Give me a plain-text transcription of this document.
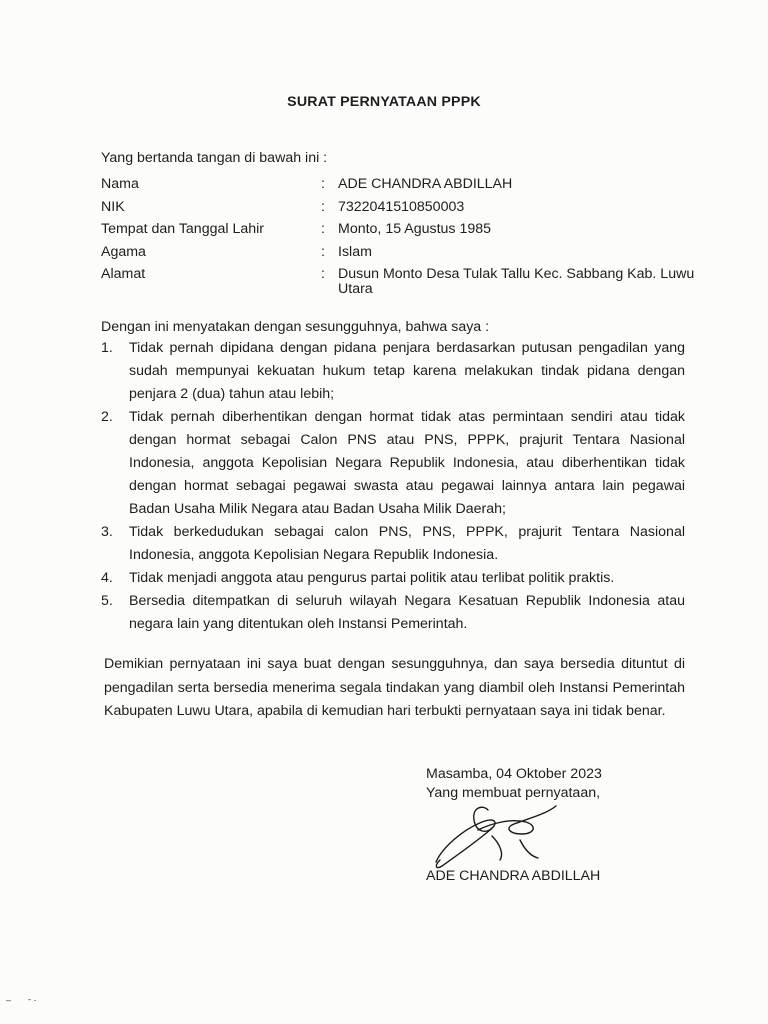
SURAT PERNYATAAN PPPK
Yang bertanda tangan di bawah ini :
Nama	: ADE CHANDRA ABDILLAH
NIK	: 7322041510850003
Tempat dan Tanggal Lahir	: Monto, 15 Agustus 1985
Agama	: Islam
Alamat	: Dusun Monto Desa Tulak Tallu Kec. Sabbang Kab. Luwu Utara
Dengan ini menyatakan dengan sesungguhnya, bahwa saya :
1.	Tidak pernah dipidana dengan pidana penjara berdasarkan putusan pengadilan yang sudah mempunyai kekuatan hukum tetap karena melakukan tindak pidana dengan penjara 2 (dua) tahun atau lebih;
2.	Tidak pernah diberhentikan dengan hormat tidak atas permintaan sendiri atau tidak dengan hormat sebagai Calon PNS atau PNS, PPPK, prajurit Tentara Nasional Indonesia, anggota Kepolisian Negara Republik Indonesia, atau diberhentikan tidak dengan hormat sebagai pegawai swasta atau pegawai lainnya antara lain pegawai Badan Usaha Milik Negara atau Badan Usaha Milik Daerah;
3.	Tidak berkedudukan sebagai calon PNS, PNS, PPPK, prajurit Tentara Nasional Indonesia, anggota Kepolisian Negara Republik Indonesia.
4.	Tidak menjadi anggota atau pengurus partai politik atau terlibat politik praktis.
5.	Bersedia ditempatkan di seluruh wilayah Negara Kesatuan Republik Indonesia atau negara lain yang ditentukan oleh Instansi Pemerintah.
Demikian pernyataan ini saya buat dengan sesungguhnya, dan saya bersedia dituntut di pengadilan serta bersedia menerima segala tindakan yang diambil oleh Instansi Pemerintah Kabupaten Luwu Utara, apabila di kemudian hari terbukti pernyataan saya ini tidak benar.
Masamba, 04 Oktober 2023
Yang membuat pernyataan,
ADE CHANDRA ABDILLAH
